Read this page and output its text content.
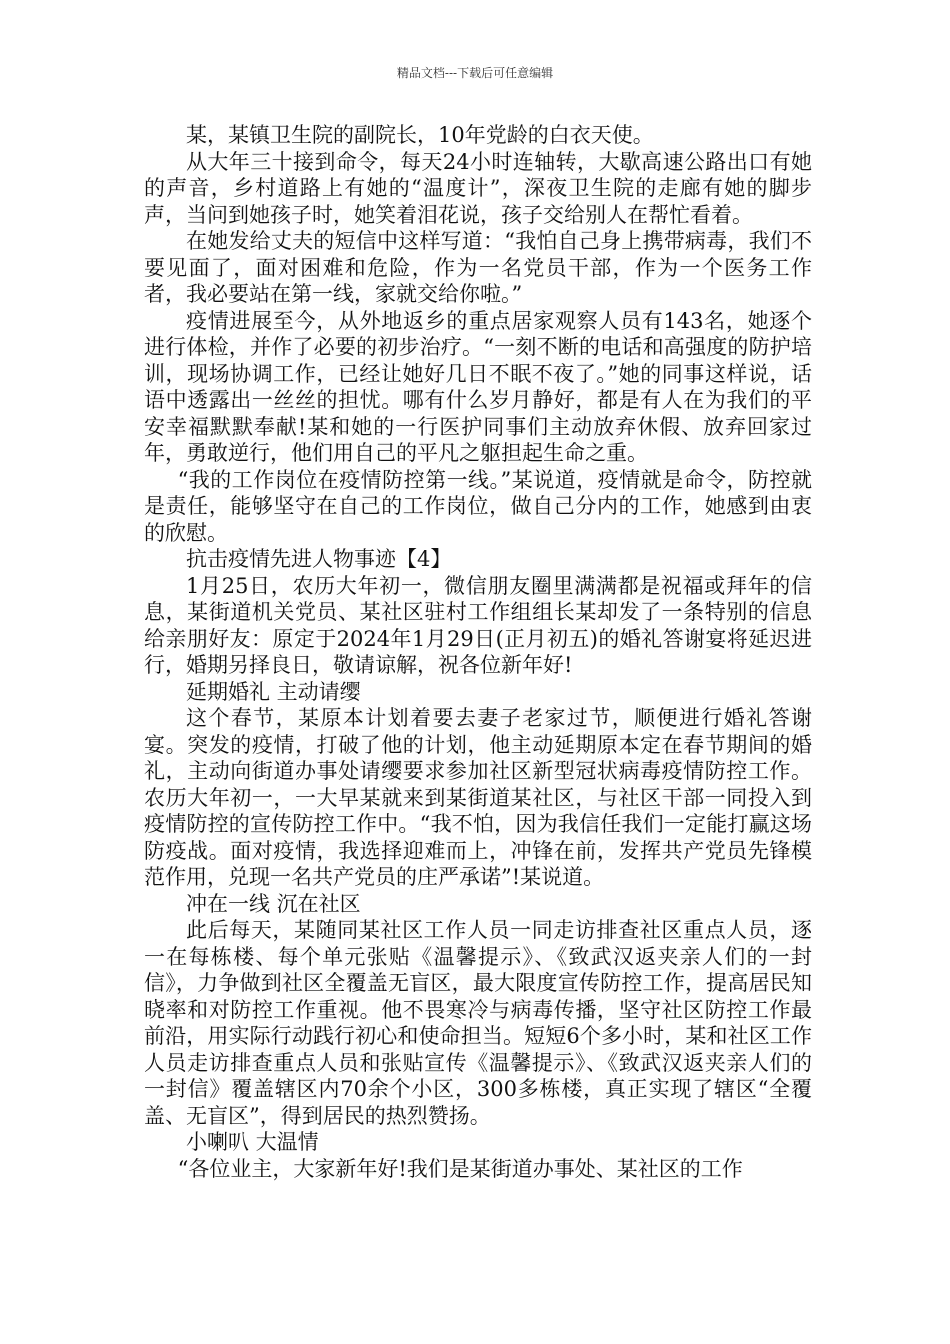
精品文档---下载后可任意编辑

某，某镇卫生院的副院长，10年党龄的白衣天使。

从大年三十接到命令，每天24小时连轴转，大歇高速公路出口有她的声音，乡村道路上有她的“温度计”，深夜卫生院的走廊有她的脚步声，当问到她孩子时，她笑着泪花说，孩子交给别人在帮忙看着。

在她发给丈夫的短信中这样写道：“我怕自己身上携带病毒，我们不要见面了，面对困难和危险，作为一名党员干部，作为一个医务工作者，我必要站在第一线，家就交给你啦。”

疫情进展至今，从外地返乡的重点居家观察人员有143名，她逐个进行体检，并作了必要的初步治疗。“一刻不断的电话和高强度的防护培训，现场协调工作，已经让她好几日不眠不夜了。”她的同事这样说，话语中透露出一丝丝的担忧。哪有什么岁月静好，都是有人在为我们的平安幸福默默奉献!某和她的一行医护同事们主动放弃休假、放弃回家过年，勇敢逆行，他们用自己的平凡之躯担起生命之重。

“我的工作岗位在疫情防控第一线。”某说道，疫情就是命令，防控就是责任，能够坚守在自己的工作岗位，做自己分内的工作，她感到由衷的欣慰。

抗击疫情先进人物事迹【4】

1月25日，农历大年初一，微信朋友圈里满满都是祝福或拜年的信息，某街道机关党员、某社区驻村工作组组长某却发了一条特别的信息给亲朋好友：原定于2024年1月29日(正月初五)的婚礼答谢宴将延迟进行，婚期另择良日，敬请谅解，祝各位新年好!

延期婚礼 主动请缨

这个春节，某原本计划着要去妻子老家过节，顺便进行婚礼答谢宴。突发的疫情，打破了他的计划，他主动延期原本定在春节期间的婚礼，主动向街道办事处请缨要求参加社区新型冠状病毒疫情防控工作。农历大年初一，一大早某就来到某街道某社区，与社区干部一同投入到疫情防控的宣传防控工作中。“我不怕，因为我信任我们一定能打赢这场防疫战。面对疫情，我选择迎难而上，冲锋在前，发挥共产党员先锋模范作用，兑现一名共产党员的庄严承诺”!某说道。

冲在一线 沉在社区

此后每天，某随同某社区工作人员一同走访排查社区重点人员，逐一在每栋楼、每个单元张贴《温馨提示》、《致武汉返夹亲人们的一封信》，力争做到社区全覆盖无盲区，最大限度宣传防控工作，提高居民知晓率和对防控工作重视。他不畏寒冷与病毒传播，坚守社区防控工作最前沿，用实际行动践行初心和使命担当。短短6个多小时，某和社区工作人员走访排查重点人员和张贴宣传《温馨提示》、《致武汉返夹亲人们的一封信》覆盖辖区内70余个小区，300多栋楼，真正实现了辖区“全覆盖、无盲区”，得到居民的热烈赞扬。

小喇叭 大温情

“各位业主，大家新年好!我们是某街道办事处、某社区的工作
